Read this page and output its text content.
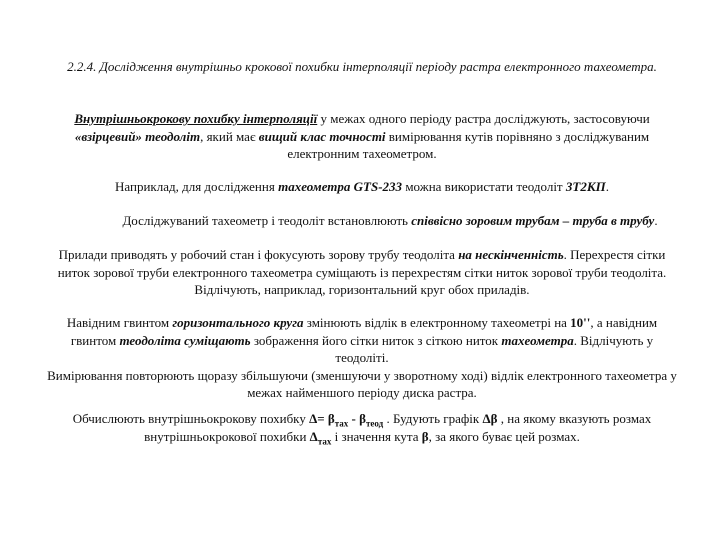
2.2.4. Дослідження внутрішньо крокової похибки інтерполяції періоду растра електронного тахеометра.

Внутрішньокрокову похибку інтерполяції у межах одного періоду растра досліджують, застосовуючи «взірцевий» теодоліт, який має вищий клас точності вимірювання кутів порівняно з досліджуваним електронним тахеометром.

Наприклад, для дослідження тахеометра GTS-233 можна використати теодоліт 3Т2КП.

Досліджуваний тахеометр і теодоліт встановлюють співвісно зоровим трубам – труба в трубу.

Прилади приводять у робочий стан і фокусують зорову трубу теодоліта на нескінченність. Перехрестя сітки ниток зорової труби електронного тахеометра суміщають із перехрестям сітки ниток зорової труби теодоліта. Відлічують, наприклад, горизонтальний круг обох приладів.

Навідним гвинтом горизонтального круга змінюють відлік в електронному тахеометрі на 10'', а навідним гвинтом теодоліта суміщають зображення його сітки ниток з сіткою ниток тахеометра. Відлічують у теодоліті.
Вимірювання повторюють щоразу збільшуючи (зменшуючи у зворотному ході) відлік електронного тахеометра у межах найменшого періоду диска растра.

Обчислюють внутрішньокрокову похибку $\Delta= \beta_{тах} - \beta_{теод}$ . Будують графік Δβ , на якому вказують розмах внутрішньокрокової похибки $\Delta_{тах}$ і значення кута β, за якого буває цей розмах.
